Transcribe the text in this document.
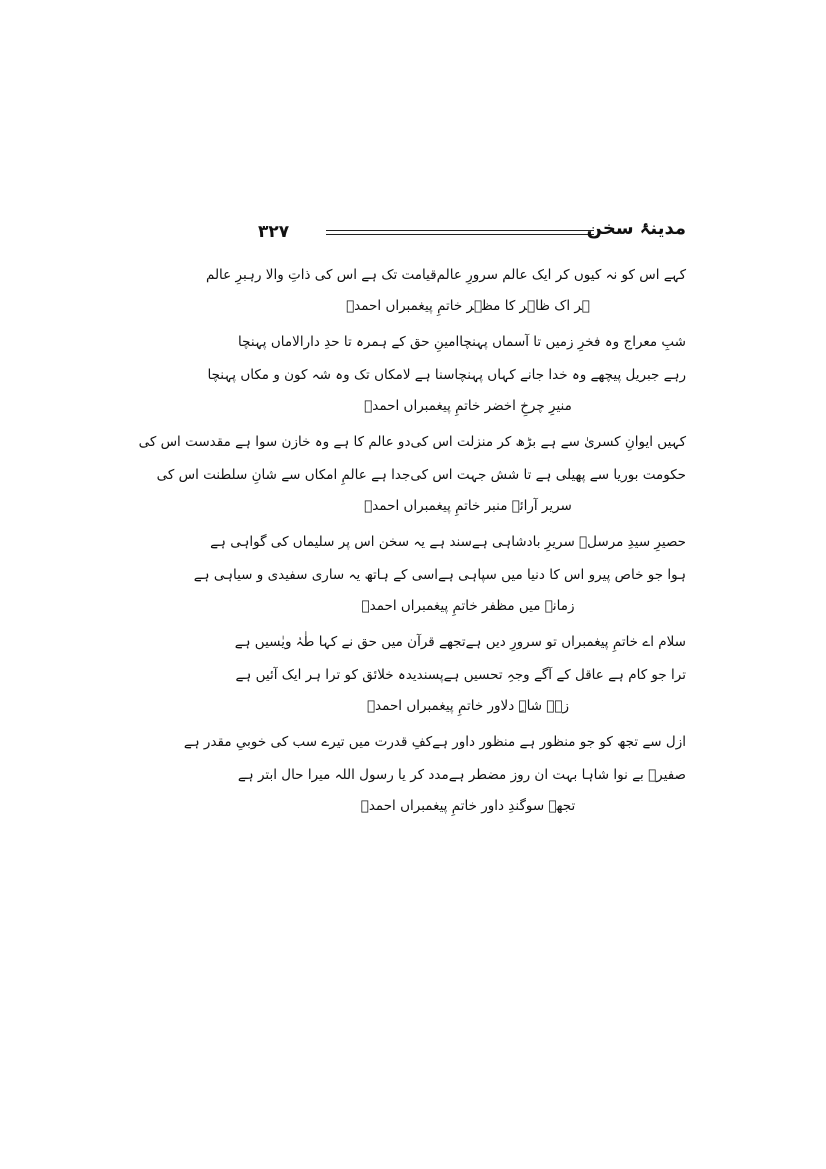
۳۲۷	مدینۂ سخن
کہے اس کو نہ کیوں کر ایک عالم سرورِ عالم
قیامت تک ہے اس کی ذاتِ والا رہبرِ عالم
ہر اک ظاہر کا مظہر خاتمِ پیغمبراں احمدؐ
شبِ معراج وہ فخرِ زمیں تا آسماں پہنچا
امینِ حق کے ہمرہ تا حدِ دارالاماں پہنچا
رہے جبریل پیچھے وہ خدا جانے کہاں پہنچا
سنا ہے لامکاں تک وہ شہ کون و مکاں پہنچا
منیرِ چرخِ اخضر خاتمِ پیغمبراں احمدؐ
کہیں ایوانِ کسریٰ سے ہے بڑھ کر منزلت اس کی
دو عالم کا ہے وہ خازن سوا ہے مقدست اس کی
حکومت بوریا سے پھیلی ہے تا شش جہت اس کی
جدا ہے عالمِ امکاں سے شانِ سلطنت اس کی
سریر آرائے منبر خاتمِ پیغمبراں احمدؐ
حصیرِ سیدِ مرسلؐ سریرِ بادشاہی ہے
سند ہے یہ سخن اس پر سلیماں کی گواہی ہے
ہوا جو خاص پیرو اس کا دنیا میں سپاہی ہے
اسی کے ہاتھ یہ ساری سفیدی و سیاہی ہے
زمانے میں مظفر خاتمِ پیغمبراں احمدؐ
سلام اے خاتمِ پیغمبراں تو سرورِ دیں ہے
تجھے قرآن میں حق نے کہا طٰہٰ ویٰسیں ہے
ترا جو کام ہے عاقل کے آگے وجہِ تحسیں ہے
پسندیدہ خلائق کو ترا ہر ایک آئیں ہے
زہے شاہِ دلاور خاتمِ پیغمبراں احمدؐ
ازل سے تجھ کو جو منظور ہے منظور داور ہے
کفِ قدرت میں تیرے سب کی خوبیِ مقدر ہے
صفیرؔ بے نوا شاہا بہت ان روز مضطر ہے
مدد کر یا رسول اللہ میرا حال ابتر ہے
تجھے سوگندِ داور خاتمِ پیغمبراں احمدؐ
